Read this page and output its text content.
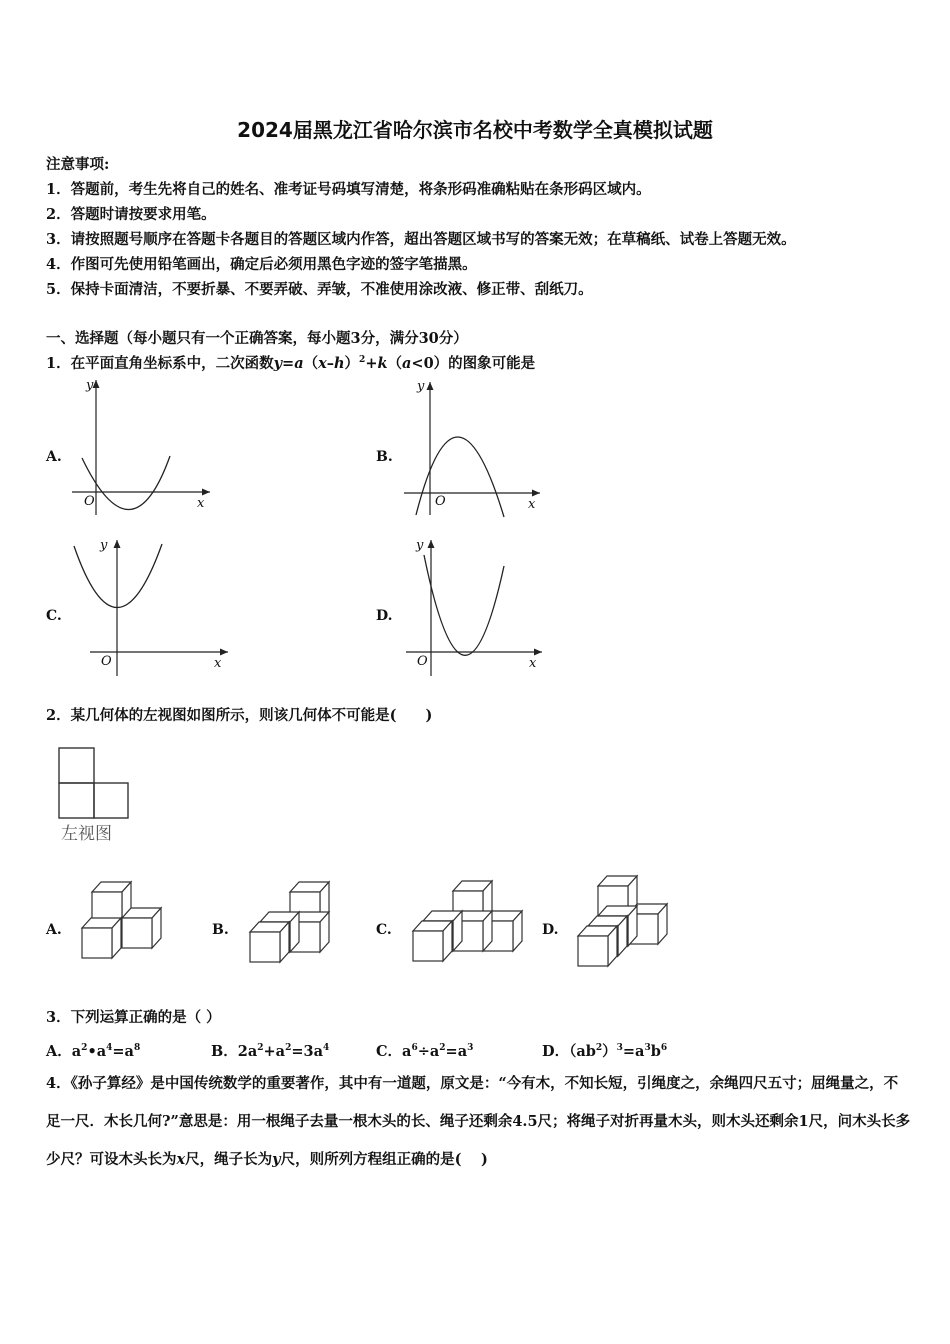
2024届黑龙江省哈尔滨市名校中考数学全真模拟试题
注意事项:
1．答题前，考生先将自己的姓名、准考证号码填写清楚，将条形码准确粘贴在条形码区域内。
2．答题时请按要求用笔。
3．请按照题号顺序在答题卡各题目的答题区域内作答，超出答题区域书写的答案无效；在草稿纸、试卷上答题无效。
4．作图可先使用铅笔画出，确定后必须用黑色字迹的签字笔描黑。
5．保持卡面清洁，不要折暴、不要弄破、弄皱，不准使用涂改液、修正带、刮纸刀。
一、选择题（每小题只有一个正确答案，每小题3分，满分30分）
1．在平面直角坐标系中，二次函数$y=a(x-h)^2+k(a<0)$的图象可能是
A.
y
x
O
B.
y
x
O
C.
y
x
O
D.
y
x
O
2．某几何体的左视图如图所示，则该几何体不可能是(　　)
左视图
A.	B.	C.	D.
3．下列运算正确的是（ ）
A．$a^2•a^4=a^8$	B．$2a^2+a^2=3a^4$	C．$a^6\div a^2=a^3$	D．$(ab^2)^3=a^3b^6$
4．《孙子算经》是中国传统数学的重要著作，其中有一道题，原文是：“今有木，不知长短，引绳度之，余绳四尺五寸；屈绳量之，不足一尺．木长几何?”意思是：用一根绳子去量一根木头的长、绳子还剩余4.5尺；将绳子对折再量木头，则木头还剩余1尺，问木头长多少尺？可设木头长为x尺，绳子长为y尺，则所列方程组正确的是(　 )
